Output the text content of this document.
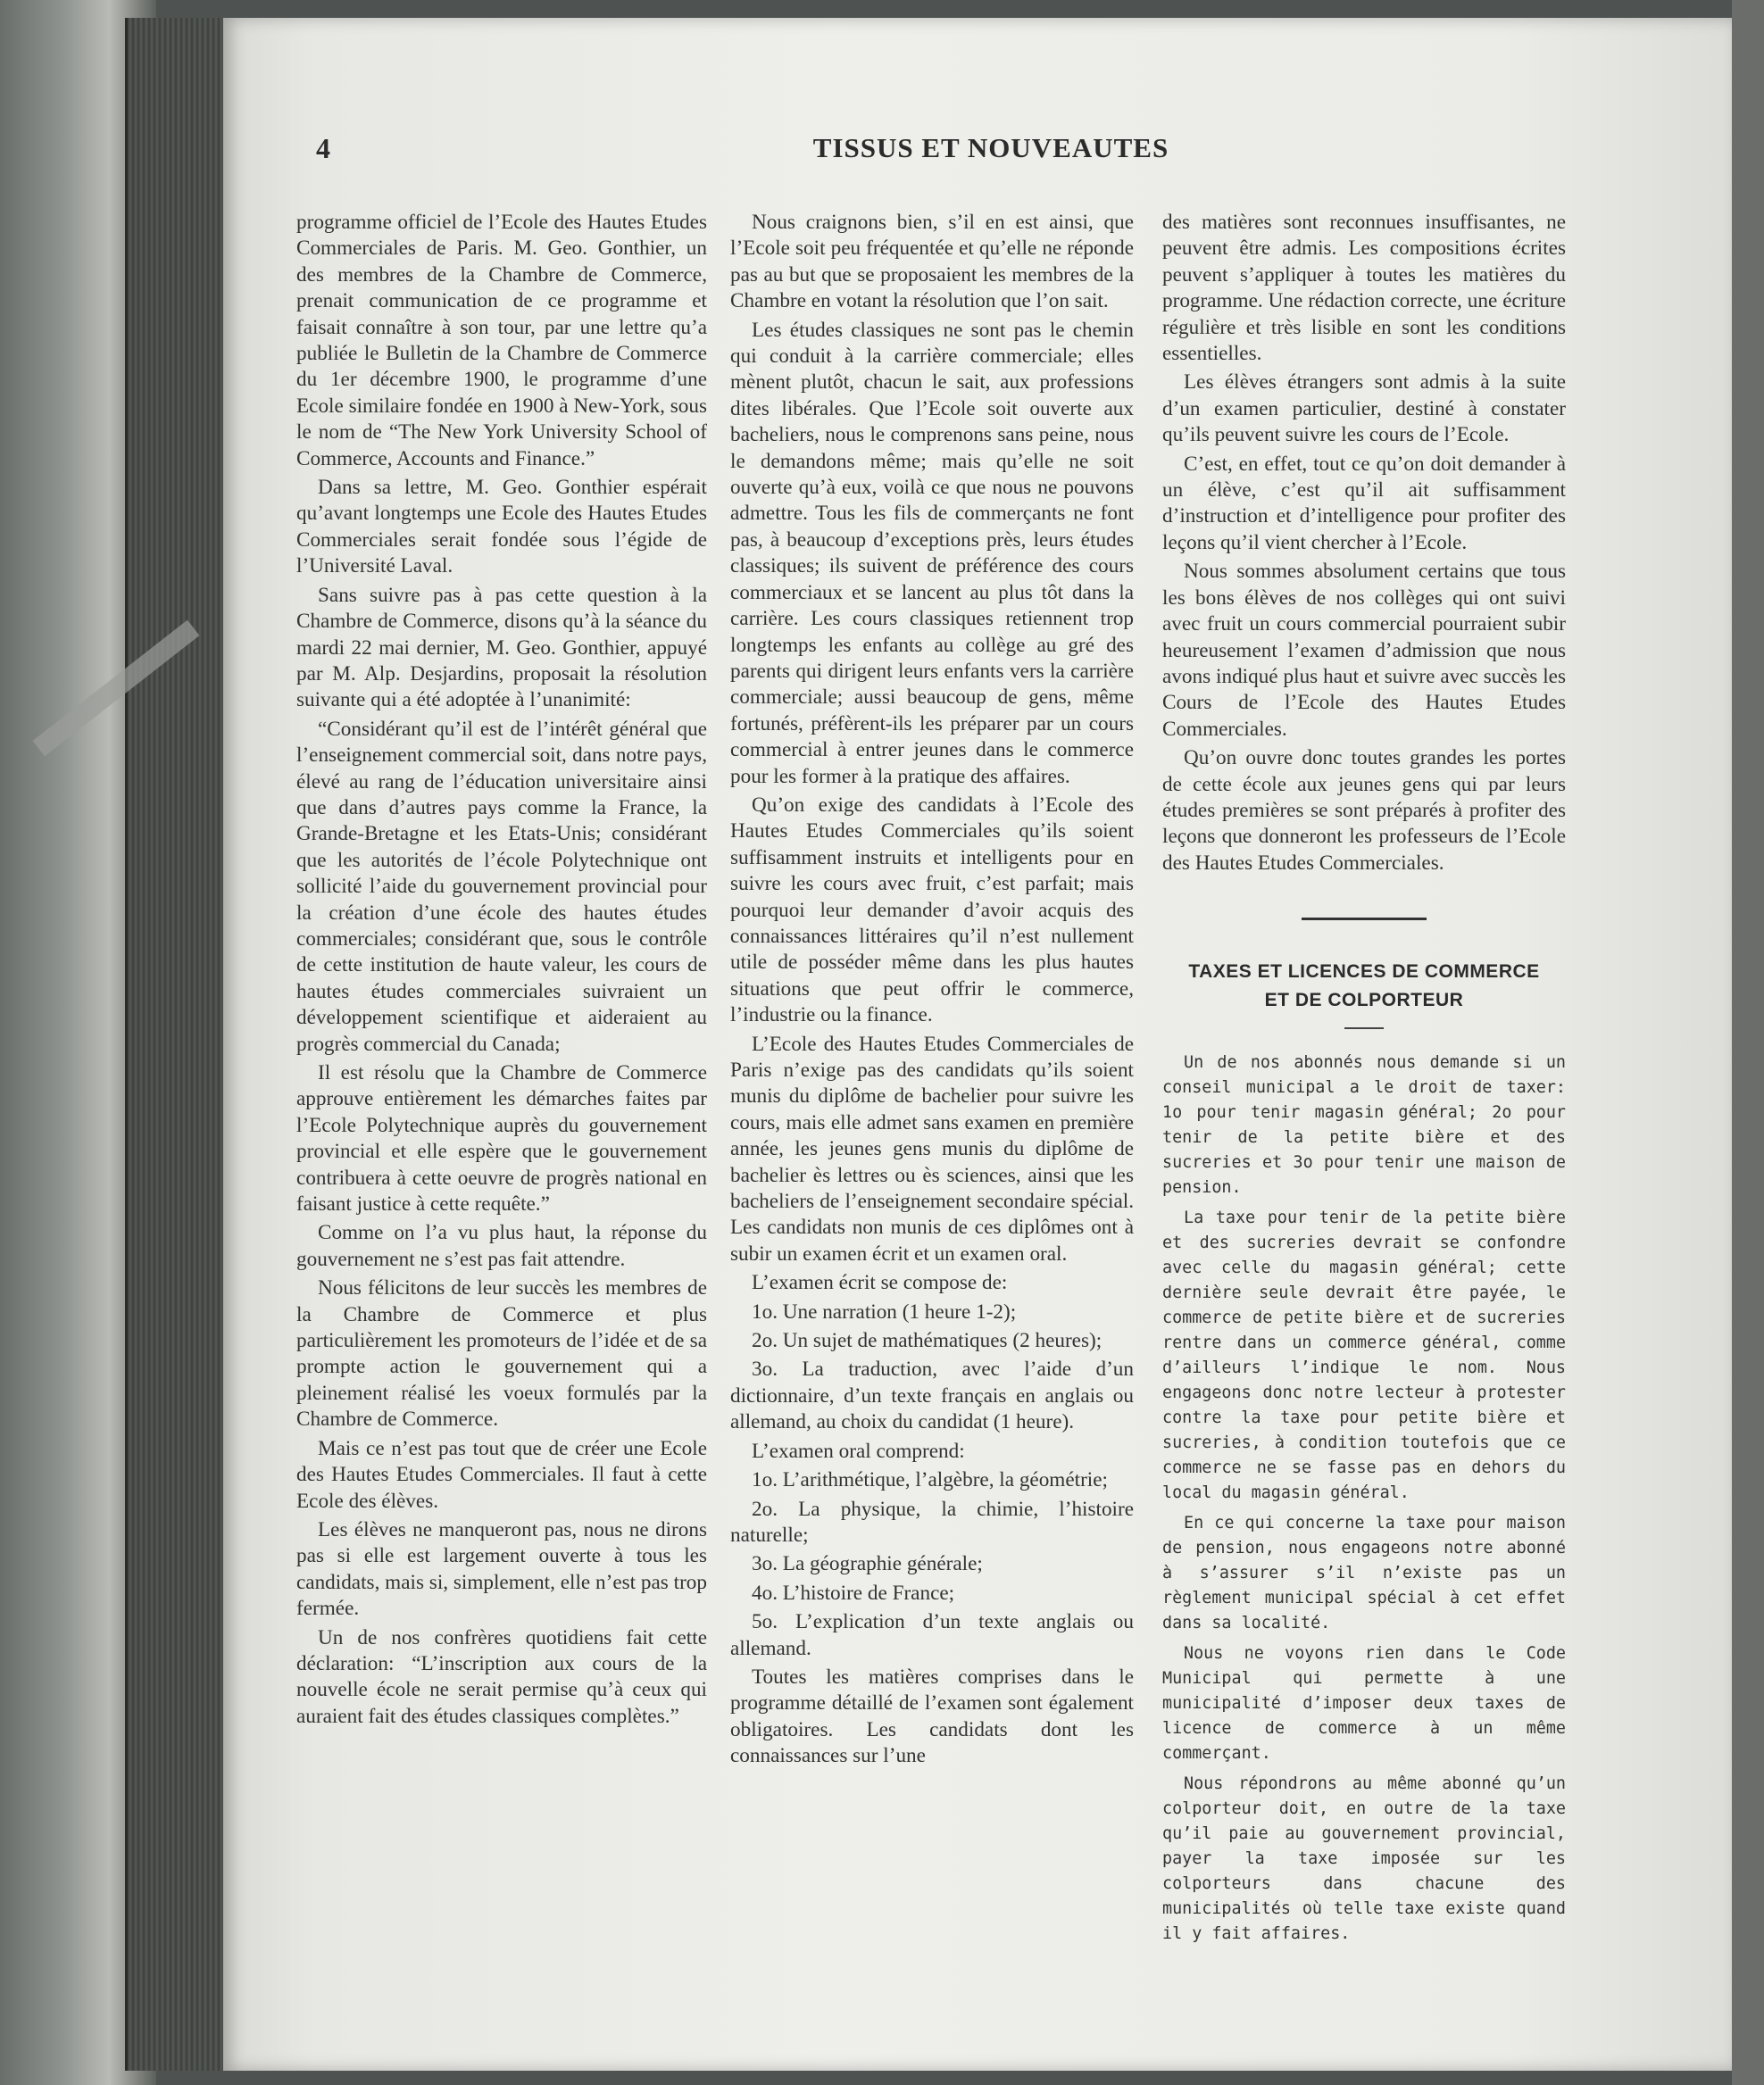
4	TISSUS ET NOUVEAUTES

programme officiel de l’Ecole des Hautes Etudes Commerciales de Paris. M. Geo. Gonthier, un des membres de la Chambre de Commerce, prenait communication de ce programme et faisait connaître à son tour, par une lettre qu’a publiée le Bulletin de la Chambre de Commerce du 1er décembre 1900, le programme d’une Ecole similaire fondée en 1900 à New-York, sous le nom de “The New York University School of Commerce, Accounts and Finance.”

Dans sa lettre, M. Geo. Gonthier espérait qu’avant longtemps une Ecole des Hautes Etudes Commerciales serait fondée sous l’égide de l’Université Laval.

Sans suivre pas à pas cette question à la Chambre de Commerce, disons qu’à la séance du mardi 22 mai dernier, M. Geo. Gonthier, appuyé par M. Alp. Desjardins, proposait la résolution suivante qui a été adoptée à l’unanimité:

“Considérant qu’il est de l’intérêt général que l’enseignement commercial soit, dans notre pays, élevé au rang de l’éducation universitaire ainsi que dans d’autres pays comme la France, la Grande-Bretagne et les Etats-Unis; considérant que les autorités de l’école Polytechnique ont sollicité l’aide du gouvernement provincial pour la création d’une école des hautes études commerciales; considérant que, sous le contrôle de cette institution de haute valeur, les cours de hautes études commerciales suivraient un développement scientifique et aideraient au progrès commercial du Canada;

Il est résolu que la Chambre de Commerce approuve entièrement les démarches faites par l’Ecole Polytechnique auprès du gouvernement provincial et elle espère que le gouvernement contribuera à cette oeuvre de progrès national en faisant justice à cette requête.”

Comme on l’a vu plus haut, la réponse du gouvernement ne s’est pas fait attendre.

Nous félicitons de leur succès les membres de la Chambre de Commerce et plus particulièrement les promoteurs de l’idée et de sa prompte action le gouvernement qui a pleinement réalisé les voeux formulés par la Chambre de Commerce.

Mais ce n’est pas tout que de créer une Ecole des Hautes Etudes Commerciales. Il faut à cette Ecole des élèves.

Les élèves ne manqueront pas, nous ne dirons pas si elle est largement ouverte à tous les candidats, mais si, simplement, elle n’est pas trop fermée.

Un de nos confrères quotidiens fait cette déclaration: “L’inscription aux cours de la nouvelle école ne serait permise qu’à ceux qui auraient fait des études classiques complètes.”

Nous craignons bien, s’il en est ainsi, que l’Ecole soit peu fréquentée et qu’elle ne réponde pas au but que se proposaient les membres de la Chambre en votant la résolution que l’on sait.

Les études classiques ne sont pas le chemin qui conduit à la carrière commerciale; elles mènent plutôt, chacun le sait, aux professions dites libérales. Que l’Ecole soit ouverte aux bacheliers, nous le comprenons sans peine, nous le demandons même; mais qu’elle ne soit ouverte qu’à eux, voilà ce que nous ne pouvons admettre. Tous les fils de commerçants ne font pas, à beaucoup d’exceptions près, leurs études classiques; ils suivent de préférence des cours commerciaux et se lancent au plus tôt dans la carrière. Les cours classiques retiennent trop longtemps les enfants au collège au gré des parents qui dirigent leurs enfants vers la carrière commerciale; aussi beaucoup de gens, même fortunés, préfèrent-ils les préparer par un cours commercial à entrer jeunes dans le commerce pour les former à la pratique des affaires.

Qu’on exige des candidats à l’Ecole des Hautes Etudes Commerciales qu’ils soient suffisamment instruits et intelligents pour en suivre les cours avec fruit, c’est parfait; mais pourquoi leur demander d’avoir acquis des connaissances littéraires qu’il n’est nullement utile de posséder même dans les plus hautes situations que peut offrir le commerce, l’industrie ou la finance.

L’Ecole des Hautes Etudes Commerciales de Paris n’exige pas des candidats qu’ils soient munis du diplôme de bachelier pour suivre les cours, mais elle admet sans examen en première année, les jeunes gens munis du diplôme de bachelier ès lettres ou ès sciences, ainsi que les bacheliers de l’enseignement secondaire spécial. Les candidats non munis de ces diplômes ont à subir un examen écrit et un examen oral.

L’examen écrit se compose de:

1o. Une narration (1 heure 1-2);

2o. Un sujet de mathématiques (2 heures);

3o. La traduction, avec l’aide d’un dictionnaire, d’un texte français en anglais ou allemand, au choix du candidat (1 heure).

L’examen oral comprend:

1o. L’arithmétique, l’algèbre, la géométrie;

2o. La physique, la chimie, l’histoire naturelle;

3o. La géographie générale;

4o. L’histoire de France;

5o. L’explication d’un texte anglais ou allemand.

Toutes les matières comprises dans le programme détaillé de l’examen sont également obligatoires. Les candidats dont les connaissances sur l’une

des matières sont reconnues insuffisantes, ne peuvent être admis. Les compositions écrites peuvent s’appliquer à toutes les matières du programme. Une rédaction correcte, une écriture régulière et très lisible en sont les conditions essentielles.

Les élèves étrangers sont admis à la suite d’un examen particulier, destiné à constater qu’ils peuvent suivre les cours de l’Ecole.

C’est, en effet, tout ce qu’on doit demander à un élève, c’est qu’il ait suffisamment d’instruction et d’intelligence pour profiter des leçons qu’il vient chercher à l’Ecole.

Nous sommes absolument certains que tous les bons élèves de nos collèges qui ont suivi avec fruit un cours commercial pourraient subir heureusement l’examen d’admission que nous avons indiqué plus haut et suivre avec succès les Cours de l’Ecole des Hautes Etudes Commerciales.

Qu’on ouvre donc toutes grandes les portes de cette école aux jeunes gens qui par leurs études premières se sont préparés à profiter des leçons que donneront les professeurs de l’Ecole des Hautes Etudes Commerciales.

TAXES ET LICENCES DE COMMERCE
ET DE COLPORTEUR

Un de nos abonnés nous demande si un conseil municipal a le droit de taxer: 1o pour tenir magasin général; 2o pour tenir de la petite bière et des sucreries et 3o pour tenir une maison de pension.

La taxe pour tenir de la petite bière et des sucreries devrait se confondre avec celle du magasin général; cette dernière seule devrait être payée, le commerce de petite bière et de sucreries rentre dans un commerce général, comme d’ailleurs l’indique le nom. Nous engageons donc notre lecteur à protester contre la taxe pour petite bière et sucreries, à condition toutefois que ce commerce ne se fasse pas en dehors du local du magasin général.

En ce qui concerne la taxe pour maison de pension, nous engageons notre abonné à s’assurer s’il n’existe pas un règlement municipal spécial à cet effet dans sa localité.

Nous ne voyons rien dans le Code Municipal qui permette à une municipalité d’imposer deux taxes de licence de commerce à un même commerçant.

Nous répondrons au même abonné qu’un colporteur doit, en outre de la taxe qu’il paie au gouvernement provincial, payer la taxe imposée sur les colporteurs dans chacune des municipalités où telle taxe existe quand il y fait affaires.
